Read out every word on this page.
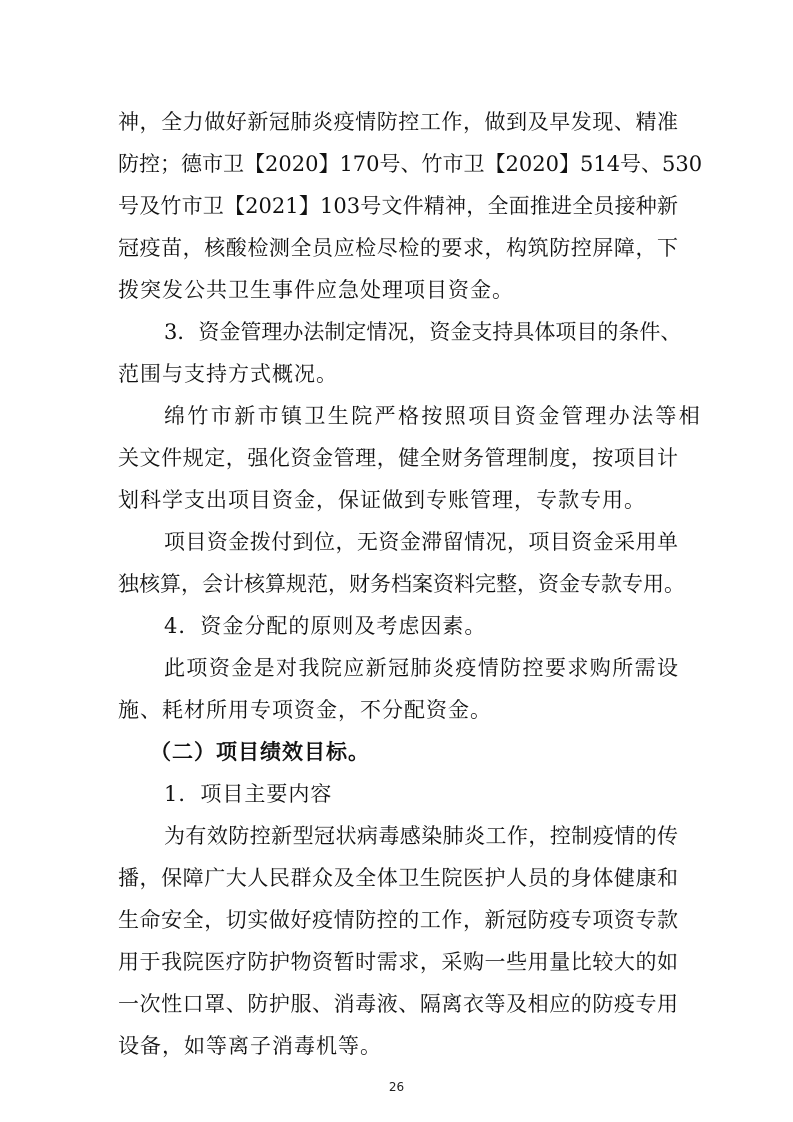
神，全力做好新冠肺炎疫情防控工作，做到及早发现、精准
防控；德市卫【2020】170号、竹市卫【2020】514号、530
号及竹市卫【2021】103号文件精神，全面推进全员接种新
冠疫苗，核酸检测全员应检尽检的要求，构筑防控屏障，下
拨突发公共卫生事件应急处理项目资金。
3．资金管理办法制定情况，资金支持具体项目的条件、
范围与支持方式概况。
绵竹市新市镇卫生院严格按照项目资金管理办法等相
关文件规定，强化资金管理，健全财务管理制度，按项目计
划科学支出项目资金，保证做到专账管理，专款专用。
项目资金拨付到位，无资金滞留情况，项目资金采用单
独核算，会计核算规范，财务档案资料完整，资金专款专用。
4．资金分配的原则及考虑因素。
此项资金是对我院应新冠肺炎疫情防控要求购所需设
施、耗材所用专项资金，不分配资金。
（二）项目绩效目标。
1．项目主要内容
为有效防控新型冠状病毒感染肺炎工作，控制疫情的传
播，保障广大人民群众及全体卫生院医护人员的身体健康和
生命安全，切实做好疫情防控的工作，新冠防疫专项资专款
用于我院医疗防护物资暂时需求，采购一些用量比较大的如
一次性口罩、防护服、消毒液、隔离衣等及相应的防疫专用
设备，如等离子消毒机等。
26
